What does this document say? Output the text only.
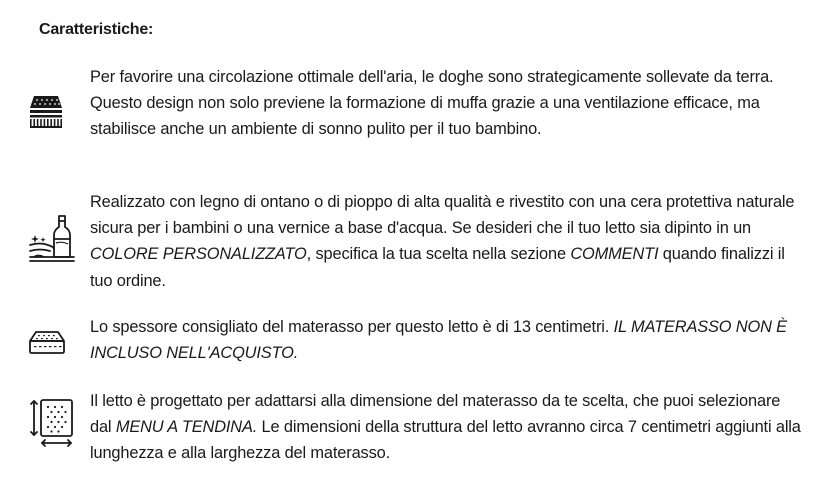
Caratteristiche:
Per favorire una circolazione ottimale dell'aria, le doghe sono strategicamente sollevate da terra. Questo design non solo previene la formazione di muffa grazie a una ventilazione efficace, ma stabilisce anche un ambiente di sonno pulito per il tuo bambino.
Realizzato con legno di ontano o di pioppo di alta qualità e rivestito con una cera protettiva naturale sicura per i bambini o una vernice a base d'acqua. Se desideri che il tuo letto sia dipinto in un COLORE PERSONALIZZATO, specifica la tua scelta nella sezione COMMENTI quando finalizzi il tuo ordine.
Lo spessore consigliato del materasso per questo letto è di 13 centimetri. IL MATERASSO NON È INCLUSO NELL'ACQUISTO.
Il letto è progettato per adattarsi alla dimensione del materasso da te scelta, che puoi selezionare dal MENU A TENDINA. Le dimensioni della struttura del letto avranno circa 7 centimetri aggiunti alla lunghezza e alla larghezza del materasso.
